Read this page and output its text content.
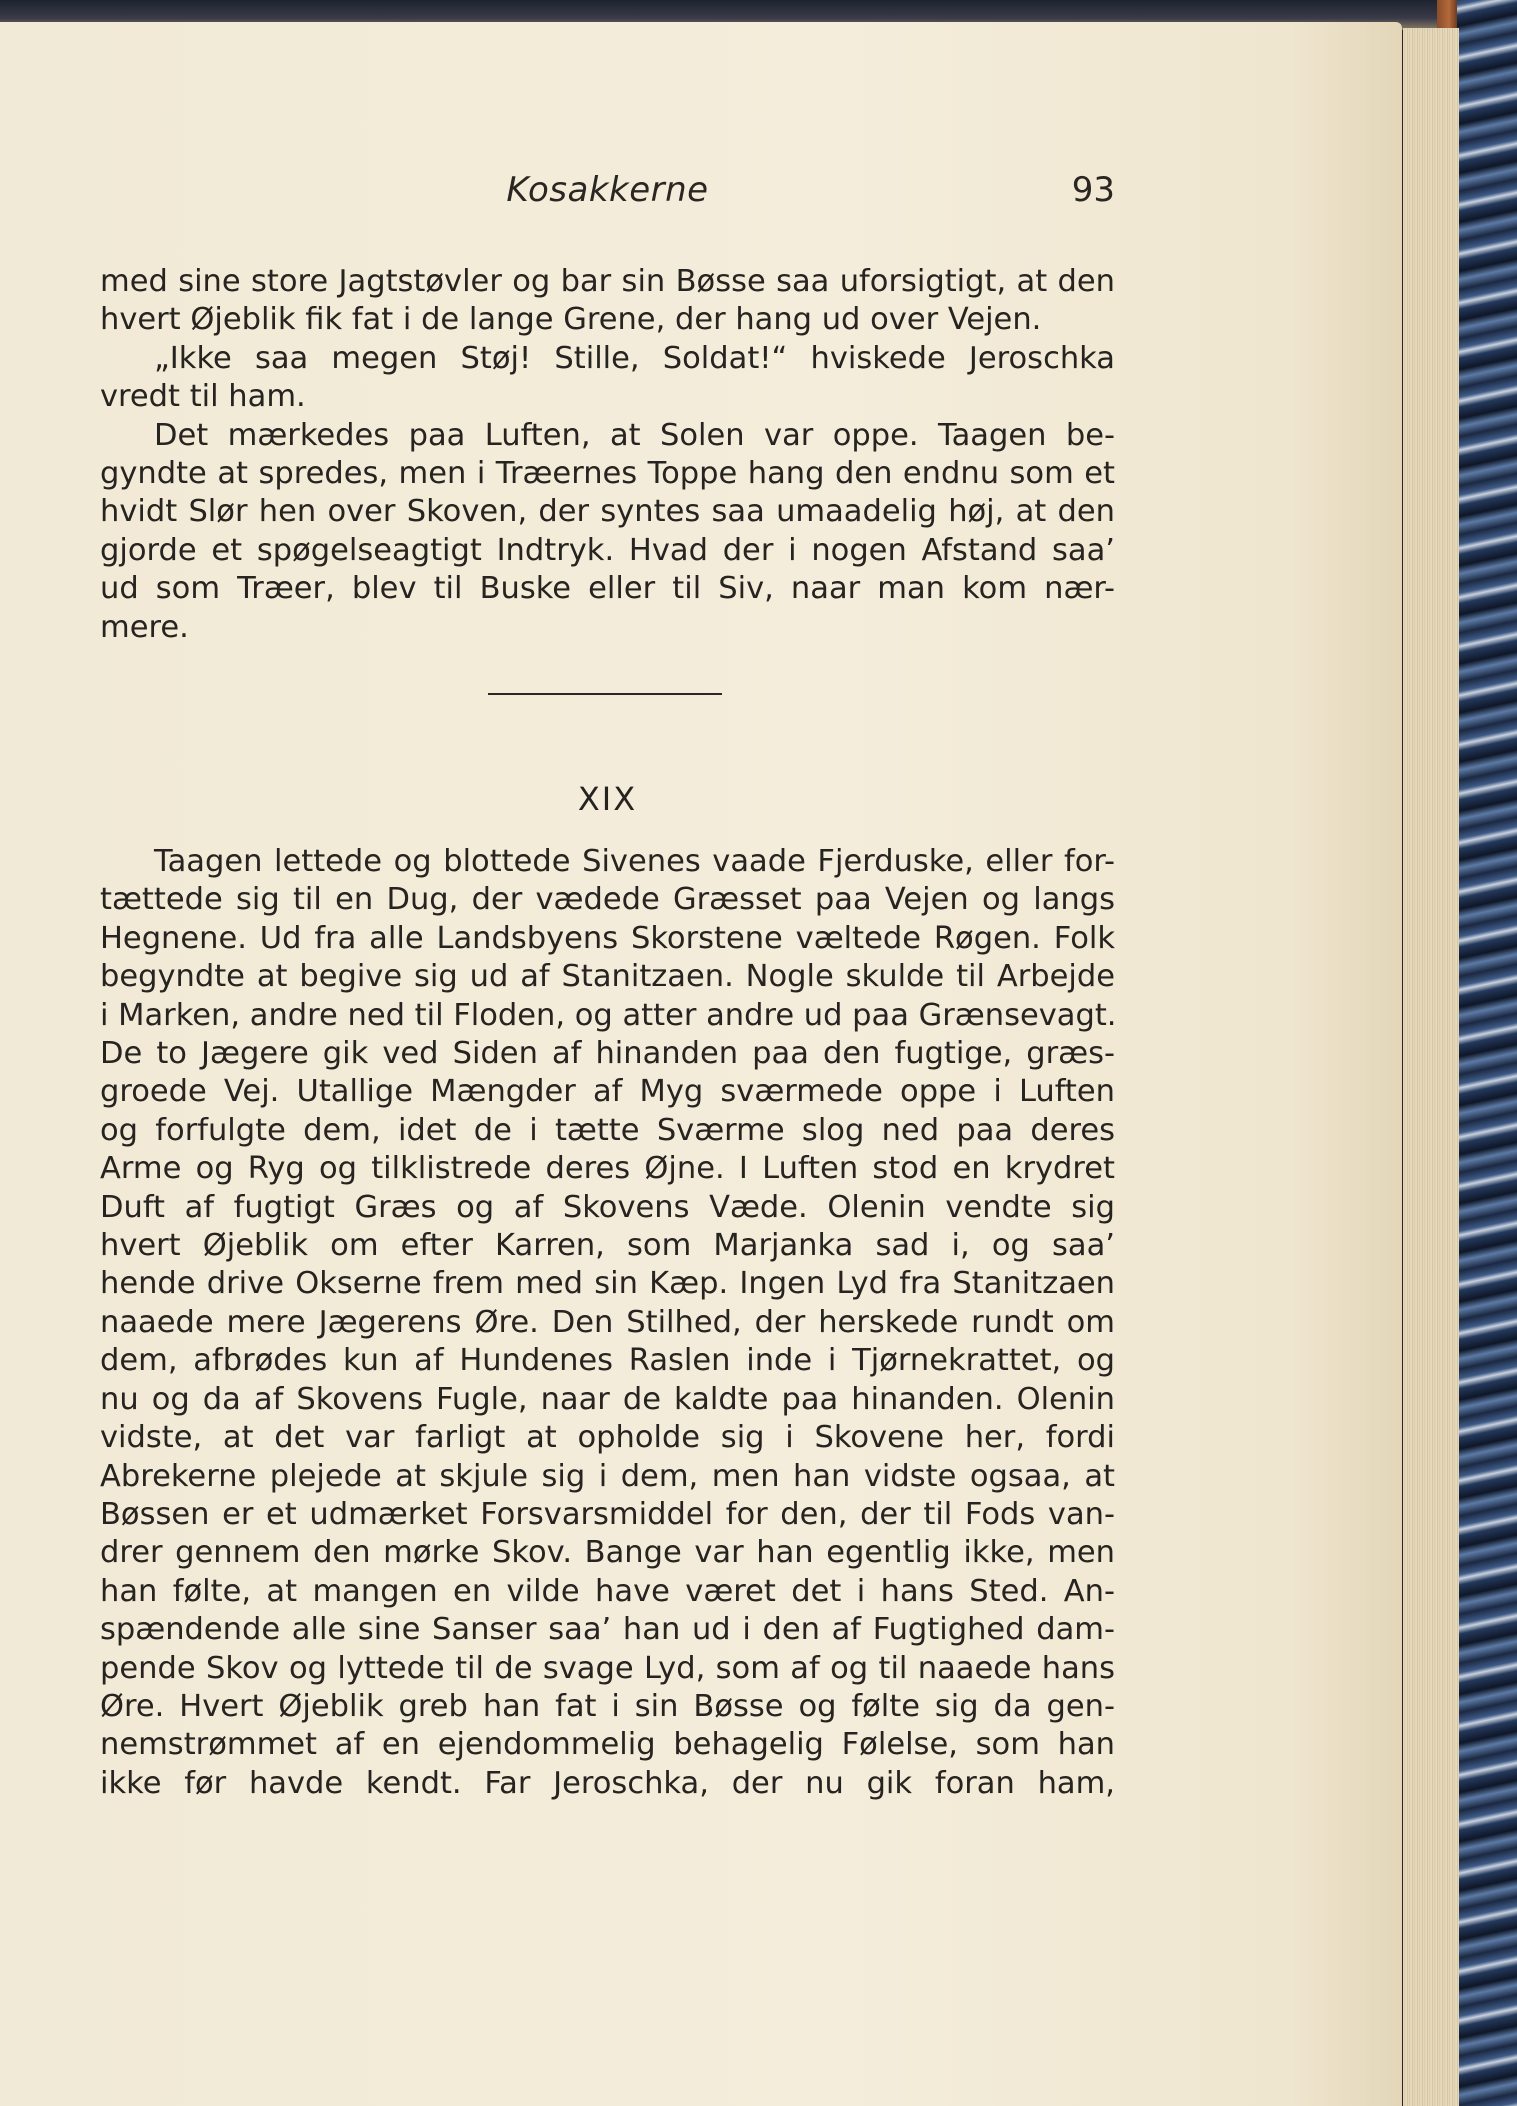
Kosakkerne	93

med sine store Jagtstøvler og bar sin Bøsse saa uforsigtigt, at den
hvert Øjeblik fik fat i de lange Grene, der hang ud over Vejen.

„Ikke saa megen Støj! Stille, Soldat!“ hviskede Jeroschka
vredt til ham.

Det mærkedes paa Luften, at Solen var oppe. Taagen be-
gyndte at spredes, men i Træernes Toppe hang den endnu som et
hvidt Slør hen over Skoven, der syntes saa umaadelig høj, at den
gjorde et spøgelseagtigt Indtryk. Hvad der i nogen Afstand saa’
ud som Træer, blev til Buske eller til Siv, naar man kom nær-
mere.

XIX

Taagen lettede og blottede Sivenes vaade Fjerduske, eller for-
tættede sig til en Dug, der vædede Græsset paa Vejen og langs
Hegnene. Ud fra alle Landsbyens Skorstene væltede Røgen. Folk
begyndte at begive sig ud af Stanitzaen. Nogle skulde til Arbejde
i Marken, andre ned til Floden, og atter andre ud paa Grænsevagt.
De to Jægere gik ved Siden af hinanden paa den fugtige, græs-
groede Vej. Utallige Mængder af Myg sværmede oppe i Luften
og forfulgte dem, idet de i tætte Sværme slog ned paa deres
Arme og Ryg og tilklistrede deres Øjne. I Luften stod en krydret
Duft af fugtigt Græs og af Skovens Væde. Olenin vendte sig
hvert Øjeblik om efter Karren, som Marjanka sad i, og saa’
hende drive Okserne frem med sin Kæp. Ingen Lyd fra Stanitzaen
naaede mere Jægerens Øre. Den Stilhed, der herskede rundt om
dem, afbrødes kun af Hundenes Raslen inde i Tjørnekrattet, og
nu og da af Skovens Fugle, naar de kaldte paa hinanden. Olenin
vidste, at det var farligt at opholde sig i Skovene her, fordi
Abrekerne plejede at skjule sig i dem, men han vidste ogsaa, at
Bøssen er et udmærket Forsvarsmiddel for den, der til Fods van-
drer gennem den mørke Skov. Bange var han egentlig ikke, men
han følte, at mangen en vilde have været det i hans Sted. An-
spændende alle sine Sanser saa’ han ud i den af Fugtighed dam-
pende Skov og lyttede til de svage Lyd, som af og til naaede hans
Øre. Hvert Øjeblik greb han fat i sin Bøsse og følte sig da gen-
nemstrømmet af en ejendommelig behagelig Følelse, som han
ikke før havde kendt. Far Jeroschka, der nu gik foran ham,
